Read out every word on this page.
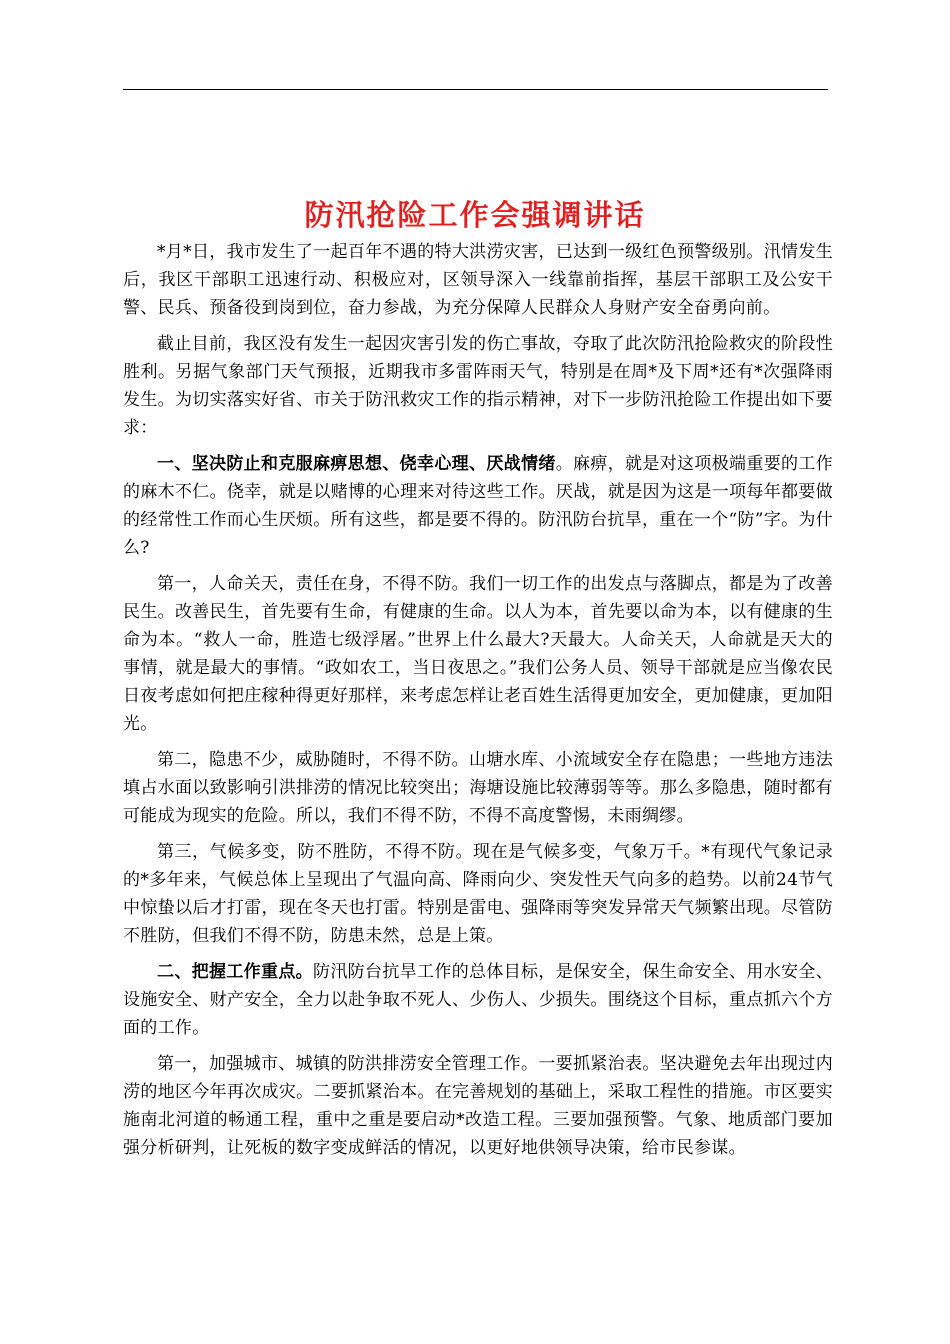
防汛抢险工作会强调讲话

*月*日，我市发生了一起百年不遇的特大洪涝灾害，已达到一级红色预警级别。汛情发生后，我区干部职工迅速行动、积极应对，区领导深入一线靠前指挥，基层干部职工及公安干警、民兵、预备役到岗到位，奋力参战，为充分保障人民群众人身财产安全奋勇向前。

截止目前，我区没有发生一起因灾害引发的伤亡事故，夺取了此次防汛抢险救灾的阶段性胜利。另据气象部门天气预报，近期我市多雷阵雨天气，特别是在周*及下周*还有*次强降雨发生。为切实落实好省、市关于防汛救灾工作的指示精神，对下一步防汛抢险工作提出如下要求：

一、坚决防止和克服麻痹思想、侥幸心理、厌战情绪。麻痹，就是对这项极端重要的工作的麻木不仁。侥幸，就是以赌博的心理来对待这些工作。厌战，就是因为这是一项每年都要做的经常性工作而心生厌烦。所有这些，都是要不得的。防汛防台抗旱，重在一个“防”字。为什么?

第一，人命关天，责任在身，不得不防。我们一切工作的出发点与落脚点，都是为了改善民生。改善民生，首先要有生命，有健康的生命。以人为本，首先要以命为本，以有健康的生命为本。“救人一命，胜造七级浮屠。”世界上什么最大?天最大。人命关天，人命就是天大的事情，就是最大的事情。“政如农工，当日夜思之。”我们公务人员、领导干部就是应当像农民日夜考虑如何把庄稼种得更好那样，来考虑怎样让老百姓生活得更加安全，更加健康，更加阳光。

第二，隐患不少，威胁随时，不得不防。山塘水库、小流域安全存在隐患；一些地方违法填占水面以致影响引洪排涝的情况比较突出；海塘设施比较薄弱等等。那么多隐患，随时都有可能成为现实的危险。所以，我们不得不防，不得不高度警惕，未雨绸缪。

第三，气候多变，防不胜防，不得不防。现在是气候多变，气象万千。*有现代气象记录的*多年来，气候总体上呈现出了气温向高、降雨向少、突发性天气向多的趋势。以前24节气中惊蛰以后才打雷，现在冬天也打雷。特别是雷电、强降雨等突发异常天气频繁出现。尽管防不胜防，但我们不得不防，防患未然，总是上策。

二、把握工作重点。防汛防台抗旱工作的总体目标，是保安全，保生命安全、用水安全、设施安全、财产安全，全力以赴争取不死人、少伤人、少损失。围绕这个目标，重点抓六个方面的工作。

第一，加强城市、城镇的防洪排涝安全管理工作。一要抓紧治表。坚决避免去年出现过内涝的地区今年再次成灾。二要抓紧治本。在完善规划的基础上，采取工程性的措施。市区要实施南北河道的畅通工程，重中之重是要启动*改造工程。三要加强预警。气象、地质部门要加强分析研判，让死板的数字变成鲜活的情况，以更好地供领导决策，给市民参谋。
